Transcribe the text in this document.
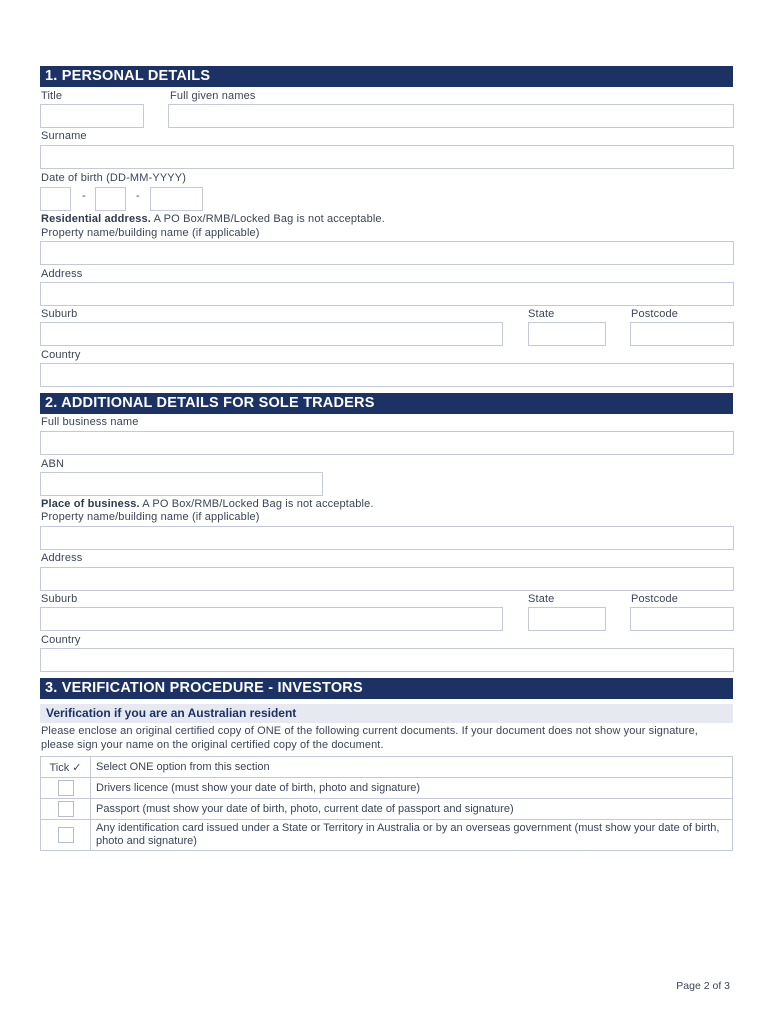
1. PERSONAL DETAILS
Title	Full given names
Surname
Date of birth (DD-MM-YYYY)
-	-
Residential address. A PO Box/RMB/Locked Bag is not acceptable.
Property name/building name (if applicable)
Address
Suburb	State	Postcode
Country
2. ADDITIONAL DETAILS FOR SOLE TRADERS
Full business name
ABN
Place of business. A PO Box/RMB/Locked Bag is not acceptable.
Property name/building name (if applicable)
Address
Suburb	State	Postcode
Country
3. VERIFICATION PROCEDURE - INVESTORS
Verification if you are an Australian resident
Please enclose an original certified copy of ONE of the following current documents. If your document does not show your signature, please sign your name on the original certified copy of the document.
Tick ✓	Select ONE option from this section
	Drivers licence (must show your date of birth, photo and signature)
	Passport (must show your date of birth, photo, current date of passport and signature)
	Any identification card issued under a State or Territory in Australia or by an overseas government (must show your date of birth, photo and signature)
Page 2 of 3
